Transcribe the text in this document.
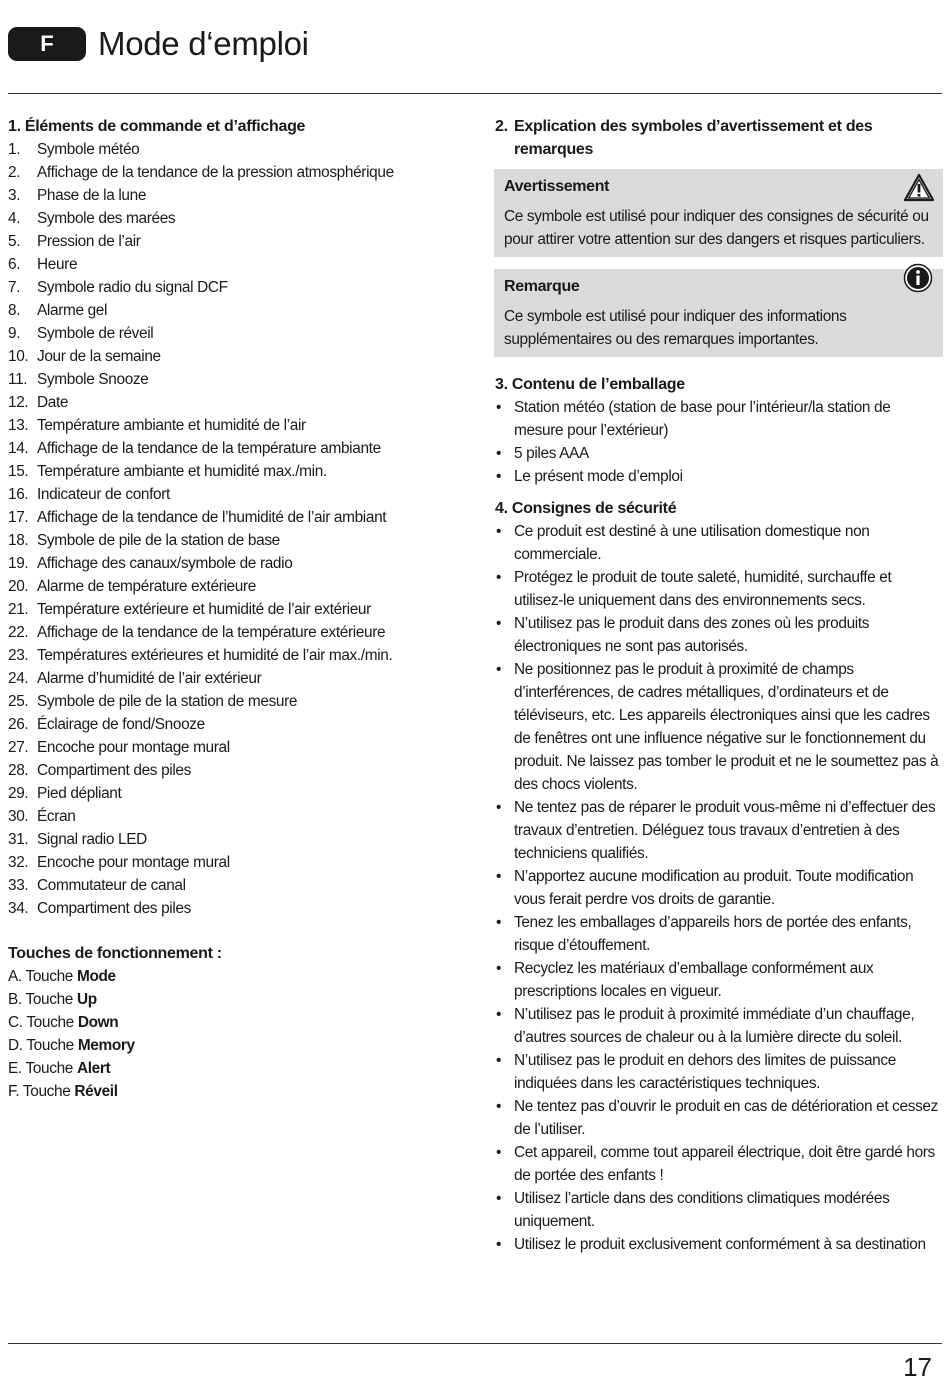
F	Mode d‘emploi

1. Éléments de commande et d’affichage

1.	Symbole météo
2.	Affichage de la tendance de la pression atmosphérique
3.	Phase de la lune
4.	Symbole des marées
5.	Pression de l’air
6.	Heure
7.	Symbole radio du signal DCF
8.	Alarme gel
9.	Symbole de réveil
10. Jour de la semaine
11. Symbole Snooze
12. Date
13. Température ambiante et humidité de l’air
14. Affichage de la tendance de la température ambiante
15. Température ambiante et humidité max./min.
16. Indicateur de confort
17. Affichage de la tendance de l’humidité de l’air ambiant
18. Symbole de pile de la station de base
19. Affichage des canaux/symbole de radio
20. Alarme de température extérieure
21. Température extérieure et humidité de l’air extérieur
22. Affichage de la tendance de la température extérieure
23. Températures extérieures et humidité de l’air max./min.
24. Alarme d’humidité de l’air extérieur
25. Symbole de pile de la station de mesure
26. Éclairage de fond/Snooze
27. Encoche pour montage mural
28. Compartiment des piles
29. Pied dépliant
30. Écran
31. Signal radio LED
32. Encoche pour montage mural
33. Commutateur de canal
34. Compartiment des piles

Touches de fonctionnement :

A. Touche Mode
B. Touche Up
C. Touche Down
D. Touche Memory
E. Touche Alert
F. Touche Réveil
2. Explication des symboles d’avertissement et des remarques
Avertissement
Ce symbole est utilisé pour indiquer des consignes de sécurité ou pour attirer votre attention sur des dangers et risques particuliers.
Remarque
Ce symbole est utilisé pour indiquer des informations supplémentaires ou des remarques importantes.

3. Contenu de l’emballage

• Station météo (station de base pour l’intérieur/la station de mesure pour l’extérieur)
• 5 piles AAA
• Le présent mode d’emploi

4. Consignes de sécurité

• Ce produit est destiné à une utilisation domestique non commerciale.
• Protégez le produit de toute saleté, humidité, surchauffe et utilisez-le uniquement dans des environnements secs.
• N’utilisez pas le produit dans des zones où les produits électroniques ne sont pas autorisés.
• Ne positionnez pas le produit à proximité de champs d’interférences, de cadres métalliques, d’ordinateurs et de téléviseurs, etc. Les appareils électroniques ainsi que les cadres de fenêtres ont une influence négative sur le fonctionnement du produit. Ne laissez pas tomber le produit et ne le soumettez pas à des chocs violents.
• Ne tentez pas de réparer le produit vous-même ni d’effectuer des travaux d’entretien. Déléguez tous travaux d’entretien à des techniciens qualifiés.
• N’apportez aucune modification au produit. Toute modification vous ferait perdre vos droits de garantie.
• Tenez les emballages d’appareils hors de portée des enfants, risque d’étouffement.
• Recyclez les matériaux d’emballage conformément aux prescriptions locales en vigueur.
• N’utilisez pas le produit à proximité immédiate d’un chauffage, d’autres sources de chaleur ou à la lumière directe du soleil.
• N’utilisez pas le produit en dehors des limites de puissance indiquées dans les caractéristiques techniques.
• Ne tentez pas d’ouvrir le produit en cas de détérioration et cessez de l’utiliser.
• Cet appareil, comme tout appareil électrique, doit être gardé hors de portée des enfants !
• Utilisez l’article dans des conditions climatiques modérées uniquement.
• Utilisez le produit exclusivement conformément à sa destination
17
